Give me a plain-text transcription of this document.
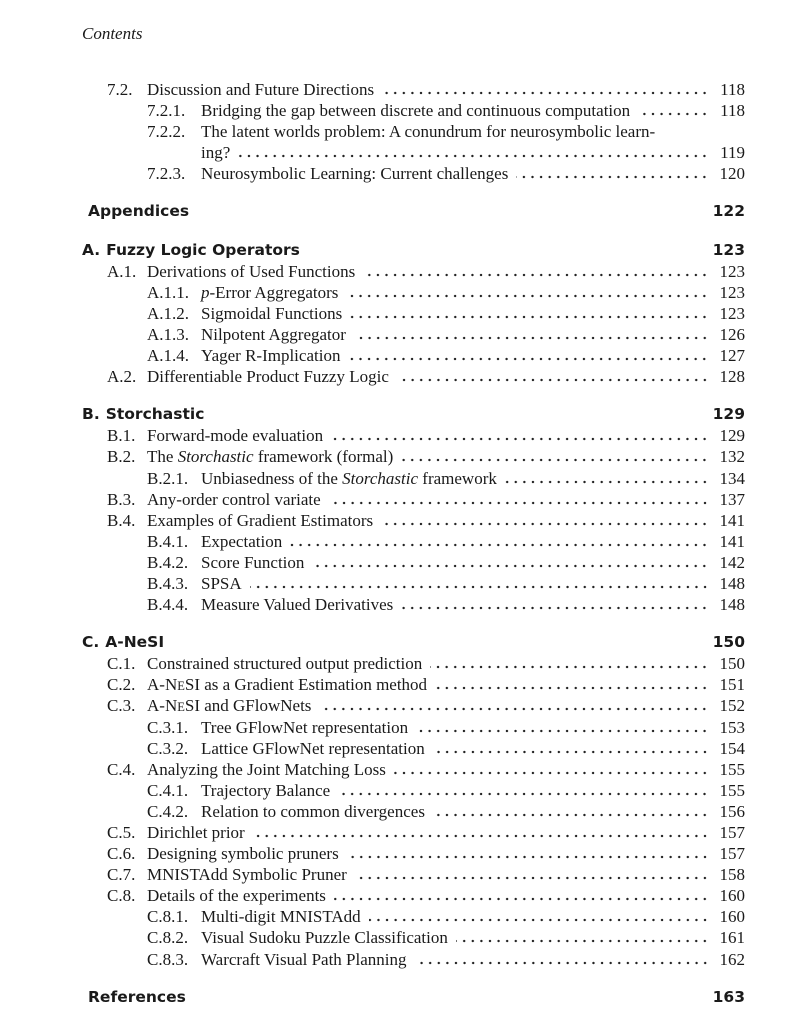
Contents
7.2. Discussion and Future Directions	118
7.2.1. Bridging the gap between discrete and continuous computation	118
7.2.2. The latent worlds problem: A conundrum for neurosymbolic learn-
ing?	119
7.2.3. Neurosymbolic Learning: Current challenges	120
Appendices	122
A. Fuzzy Logic Operators	123
A.1. Derivations of Used Functions	123
A.1.1. p-Error Aggregators	123
A.1.2. Sigmoidal Functions	123
A.1.3. Nilpotent Aggregator	126
A.1.4. Yager R-Implication	127
A.2. Differentiable Product Fuzzy Logic	128
B. Storchastic	129
B.1. Forward-mode evaluation	129
B.2. The Storchastic framework (formal)	132
B.2.1. Unbiasedness of the Storchastic framework	134
B.3. Any-order control variate	137
B.4. Examples of Gradient Estimators	141
B.4.1. Expectation	141
B.4.2. Score Function	142
B.4.3. SPSA	148
B.4.4. Measure Valued Derivatives	148
C. A-NeSI	150
C.1. Constrained structured output prediction	150
C.2. A-NESI as a Gradient Estimation method	151
C.3. A-NESI and GFlowNets	152
C.3.1. Tree GFlowNet representation	153
C.3.2. Lattice GFlowNet representation	154
C.4. Analyzing the Joint Matching Loss	155
C.4.1. Trajectory Balance	155
C.4.2. Relation to common divergences	156
C.5. Dirichlet prior	157
C.6. Designing symbolic pruners	157
C.7. MNISTAdd Symbolic Pruner	158
C.8. Details of the experiments	160
C.8.1. Multi-digit MNISTAdd	160
C.8.2. Visual Sudoku Puzzle Classification	161
C.8.3. Warcraft Visual Path Planning	162
References	163
